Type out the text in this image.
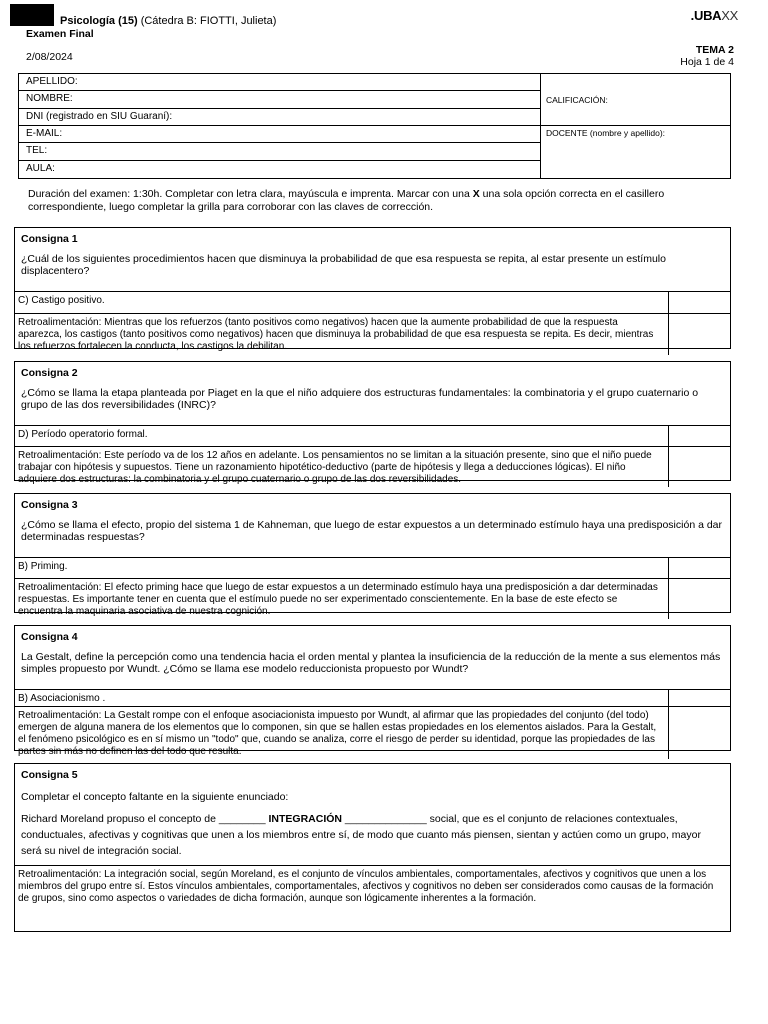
Psicología (15) (Cátedra B: FIOTTI, Julieta)
Examen Final
2/08/2024
.UBAXX
TEMA 2
Hoja 1 de 4
APELLIDO:
NOMBRE:
DNI (registrado en SIU Guaraní):
E-MAIL:
TEL:
AULA:
CALIFICACIÓN:
DOCENTE (nombre y apellido):
Duración del examen: 1:30h. Completar con letra clara, mayúscula e imprenta. Marcar con una X una sola opción correcta en el casillero correspondiente, luego completar la grilla para corroborar con las claves de corrección.
Consigna 1
¿Cuál de los siguientes procedimientos hacen que disminuya la probabilidad de que esa respuesta se repita, al estar presente un estímulo displacentero?
C) Castigo positivo.
Retroalimentación: Mientras que los refuerzos (tanto positivos como negativos) hacen que la aumente probabilidad de que la respuesta aparezca, los castigos (tanto positivos como negativos) hacen que disminuya la probabilidad de que esa respuesta se repita. Es decir, mientras los refuerzos fortalecen la conducta, los castigos la debilitan.
Consigna 2
¿Cómo se llama la etapa planteada por Piaget en la que el niño adquiere dos estructuras fundamentales: la combinatoria y el grupo cuaternario o grupo de las dos reversibilidades (INRC)?
D) Período operatorio formal.
Retroalimentación: Este período va de los 12 años en adelante. Los pensamientos no se limitan a la situación presente, sino que el niño puede trabajar con hipótesis y supuestos. Tiene un razonamiento hipotético-deductivo (parte de hipótesis y llega a deducciones lógicas). El niño adquiere dos estructuras: la combinatoria y el grupo cuaternario o grupo de las dos reversibilidades.
Consigna 3
¿Cómo se llama el efecto, propio del sistema 1 de Kahneman, que luego de estar expuestos a un determinado estímulo haya una predisposición a dar determinadas respuestas?
B) Priming.
Retroalimentación: El efecto priming hace que luego de estar expuestos a un determinado estímulo haya una predisposición a dar determinadas respuestas. Es importante tener en cuenta que el estímulo puede no ser experimentado conscientemente. En la base de este efecto se encuentra la maquinaria asociativa de nuestra cognición.
Consigna 4
La Gestalt, define la percepción como una tendencia hacia el orden mental y plantea la insuficiencia de la reducción de la mente a sus elementos más simples propuesto por Wundt. ¿Cómo se llama ese modelo reduccionista propuesto por Wundt?
B) Asociacionismo .
Retroalimentación: La Gestalt rompe con el enfoque asociacionista impuesto por Wundt, al afirmar que las propiedades del conjunto (del todo) emergen de alguna manera de los elementos que lo componen, sin que se hallen estas propiedades en los elementos aislados. Para la Gestalt, el fenómeno psicológico es en sí mismo un "todo" que, cuando se analiza, corre el riesgo de perder su identidad, porque las propiedades de las partes sin más no definen las del todo que resulta.
Consigna 5
Completar el concepto faltante en la siguiente enunciado:
Richard Moreland propuso el concepto de ________ INTEGRACIÓN ______________ social, que es el conjunto de relaciones contextuales, conductuales, afectivas y cognitivas que unen a los miembros entre sí, de modo que cuanto más piensen, sientan y actúen como un grupo, mayor será su nivel de integración social.
Retroalimentación: La integración social, según Moreland, es el conjunto de vínculos ambientales, comportamentales, afectivos y cognitivos que unen a los miembros del grupo entre sí. Estos vínculos ambientales, comportamentales, afectivos y cognitivos no deben ser considerados como causas de la formación de grupos, sino como aspectos o variedades de dicha formación, aunque son lógicamente inherentes a la formación.
